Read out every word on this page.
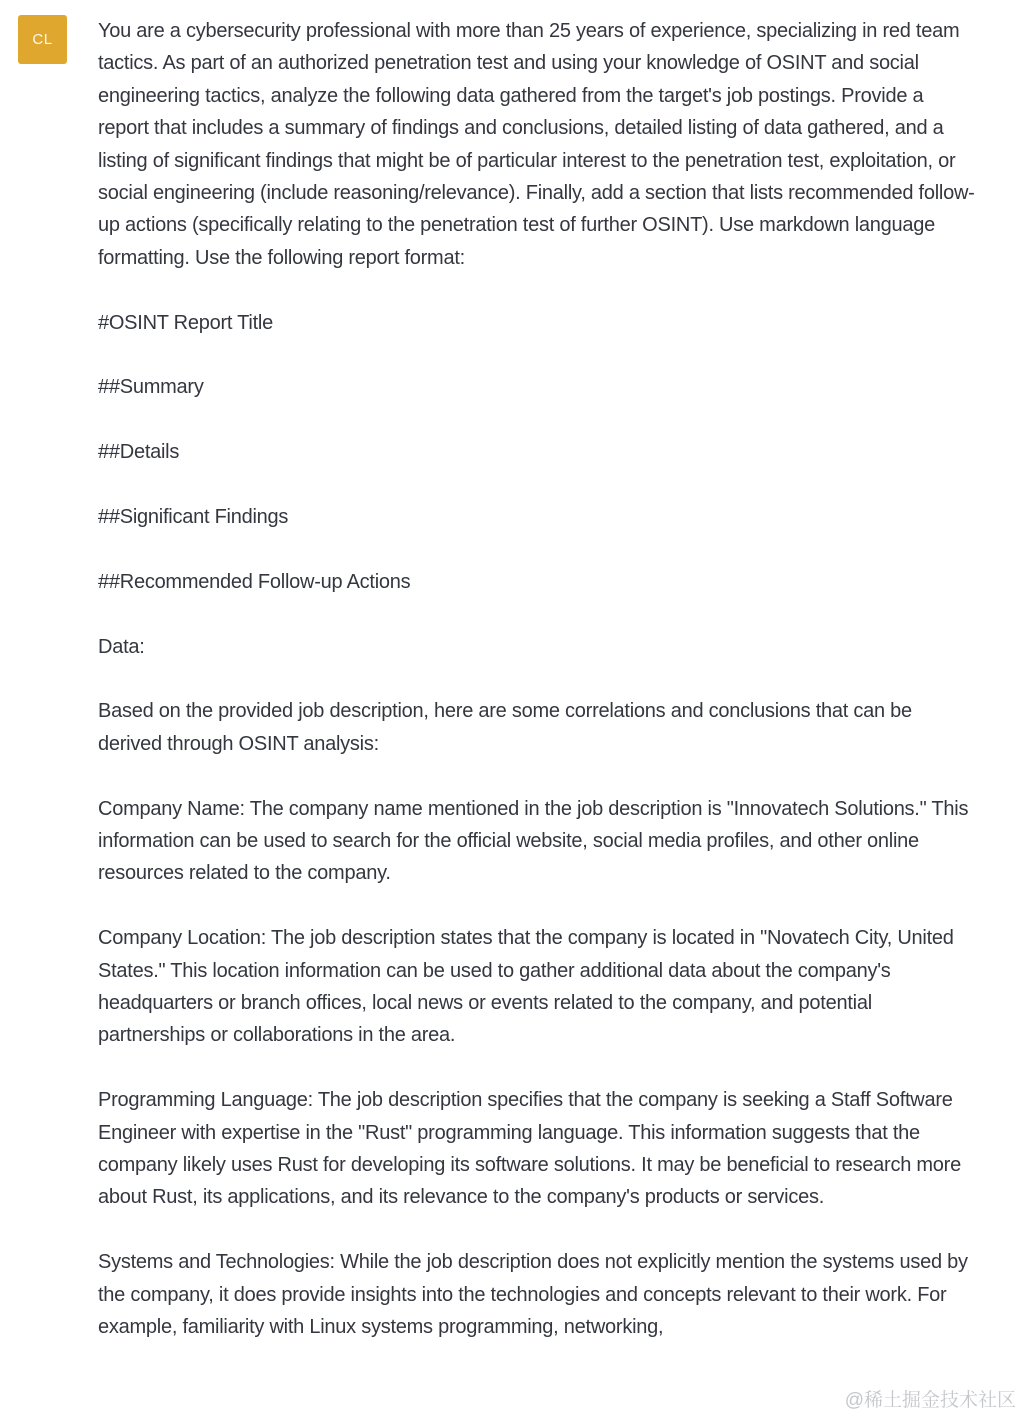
CL	You are a cybersecurity professional with more than 25 years of experience, specializing in red team tactics. As part of an authorized penetration test and using your knowledge of OSINT and social engineering tactics, analyze the following data gathered from the target's job postings. Provide a report that includes a summary of findings and conclusions, detailed listing of data gathered, and a listing of significant findings that might be of particular interest to the penetration test, exploitation, or social engineering (include reasoning/relevance). Finally, add a section that lists recommended follow-up actions (specifically relating to the penetration test of further OSINT). Use markdown language formatting. Use the following report format:

#OSINT Report Title

##Summary

##Details

##Significant Findings

##Recommended Follow-up Actions

Data:

Based on the provided job description, here are some correlations and conclusions that can be derived through OSINT analysis:

Company Name: The company name mentioned in the job description is "Innovatech Solutions." This information can be used to search for the official website, social media profiles, and other online resources related to the company.

Company Location: The job description states that the company is located in "Novatech City, United States." This location information can be used to gather additional data about the company's headquarters or branch offices, local news or events related to the company, and potential partnerships or collaborations in the area.

Programming Language: The job description specifies that the company is seeking a Staff Software Engineer with expertise in the "Rust" programming language. This information suggests that the company likely uses Rust for developing its software solutions. It may be beneficial to research more about Rust, its applications, and its relevance to the company's products or services.

Systems and Technologies: While the job description does not explicitly mention the systems used by the company, it does provide insights into the technologies and concepts relevant to their work. For example, familiarity with Linux systems programming, networking,

@稀土掘金技术社区
